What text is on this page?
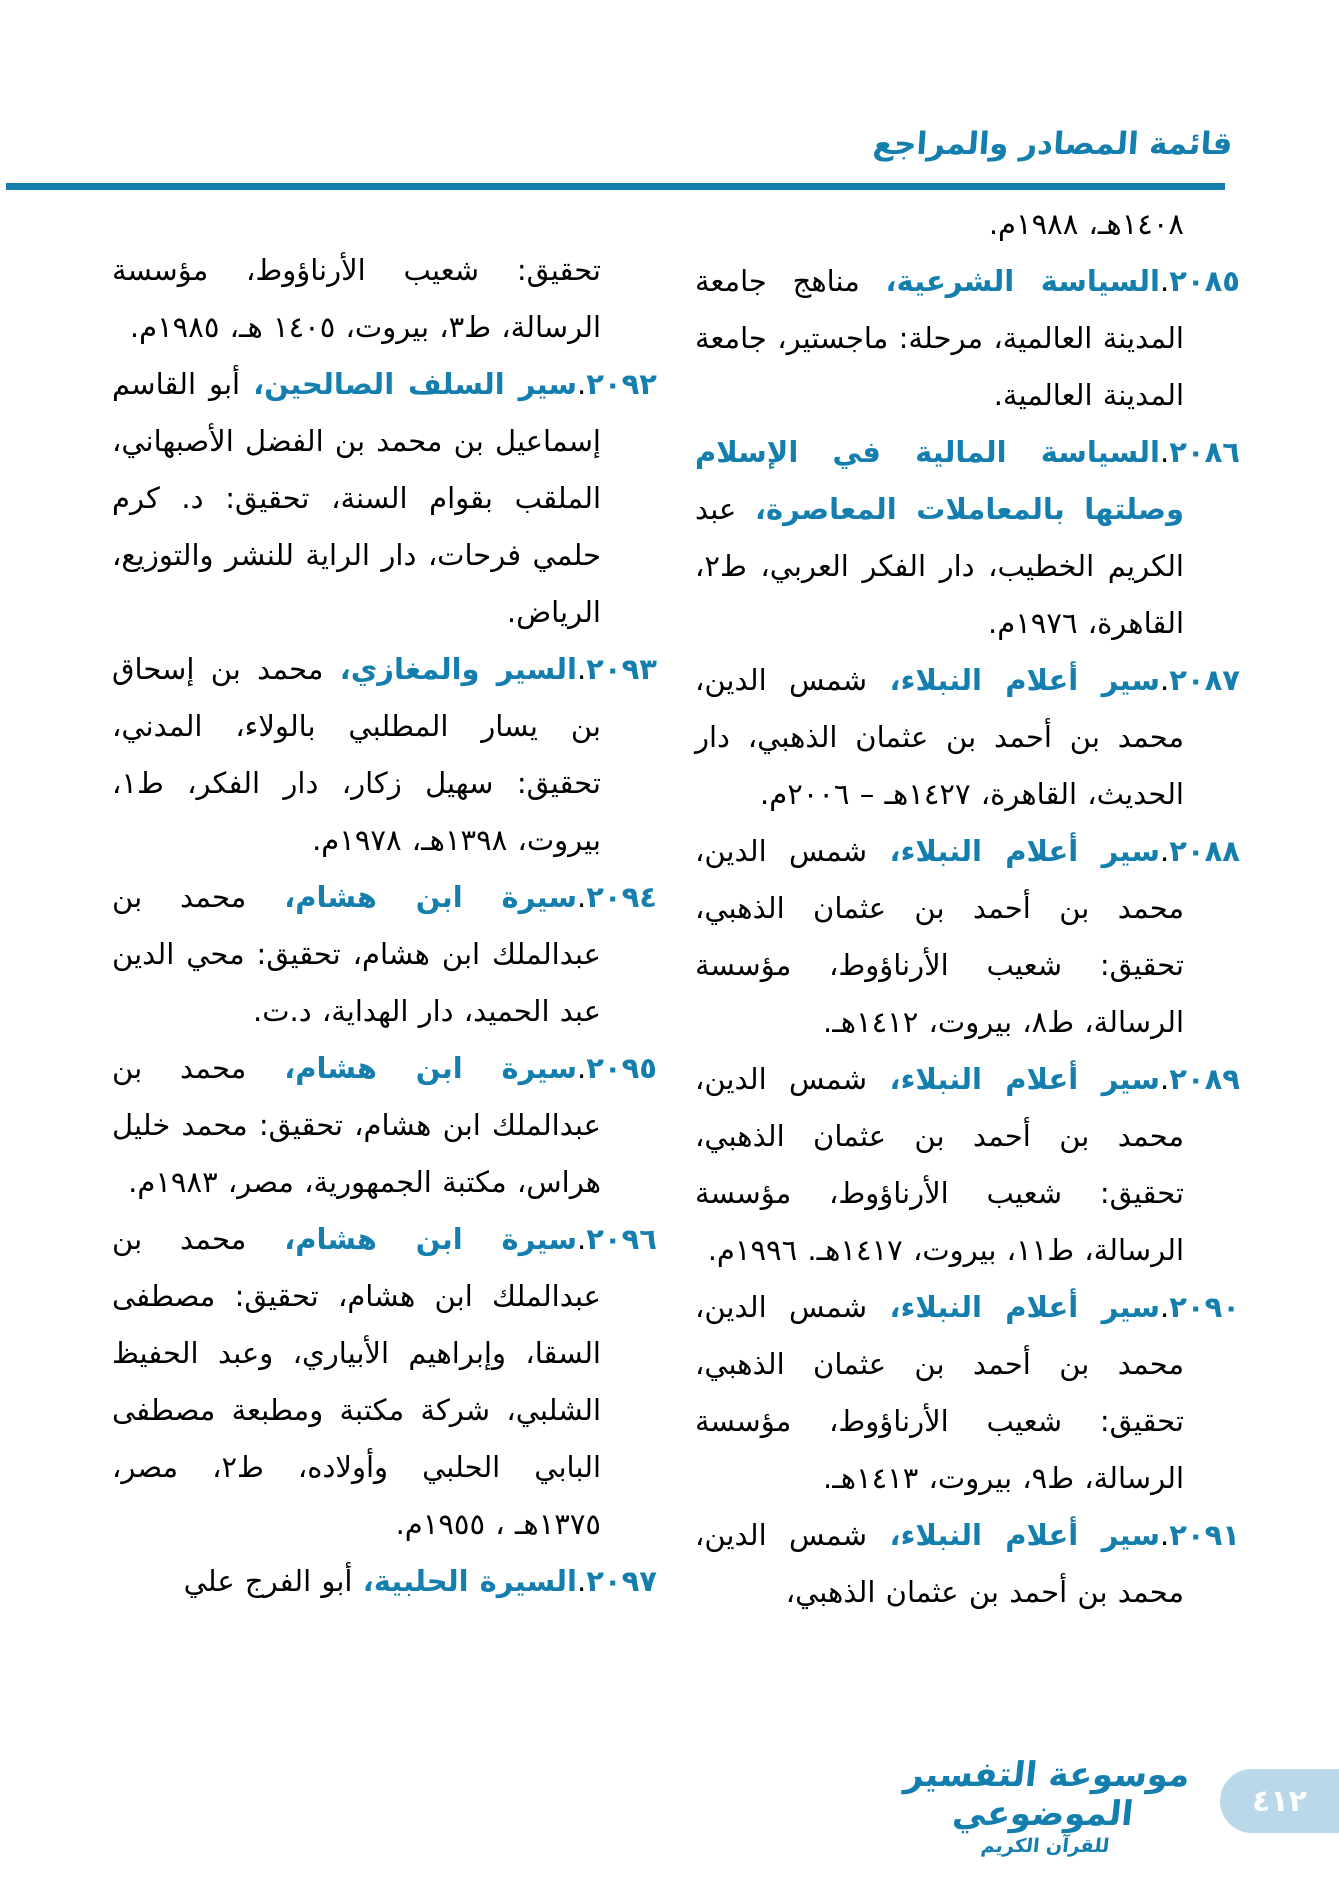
قائمة المصادر والمراجع

١٤٠٨هـ، ١٩٨٨م.

٢٠٨٥.السياسة الشرعية، مناهج جامعة المدينة العالمية، مرحلة: ماجستير، جامعة المدينة العالمية.

٢٠٨٦.السياسة المالية في الإسلام وصلتها بالمعاملات المعاصرة، عبد الكريم الخطيب، دار الفكر العربي، ط٢، القاهرة، ١٩٧٦م.

٢٠٨٧.سير أعلام النبلاء، شمس الدين، محمد بن أحمد بن عثمان الذهبي، دار الحديث، القاهرة، ١٤٢٧هـ – ٢٠٠٦م.

٢٠٨٨.سير أعلام النبلاء، شمس الدين، محمد بن أحمد بن عثمان الذهبي، تحقيق: شعيب الأرناؤوط، مؤسسة الرسالة، ط٨، بيروت، ١٤١٢هـ.

٢٠٨٩.سير أعلام النبلاء، شمس الدين، محمد بن أحمد بن عثمان الذهبي، تحقيق: شعيب الأرناؤوط، مؤسسة الرسالة، ط١١، بيروت، ١٤١٧هـ. ١٩٩٦م.

٢٠٩٠.سير أعلام النبلاء، شمس الدين، محمد بن أحمد بن عثمان الذهبي، تحقيق: شعيب الأرناؤوط، مؤسسة الرسالة، ط٩، بيروت، ١٤١٣هـ.

٢٠٩١.سير أعلام النبلاء، شمس الدين، محمد بن أحمد بن عثمان الذهبي،

تحقيق: شعيب الأرناؤوط، مؤسسة الرسالة، ط٣، بيروت، ١٤٠٥ هـ، ١٩٨٥م.

٢٠٩٢.سير السلف الصالحين، أبو القاسم إسماعيل بن محمد بن الفضل الأصبهاني، الملقب بقوام السنة، تحقيق: د. كرم حلمي فرحات، دار الراية للنشر والتوزيع، الرياض.

٢٠٩٣.السير والمغازي، محمد بن إسحاق بن يسار المطلبي بالولاء، المدني، تحقيق: سهيل زكار، دار الفكر، ط١، بيروت، ١٣٩٨هـ، ١٩٧٨م.

٢٠٩٤.سيرة ابن هشام، محمد بن عبدالملك ابن هشام، تحقيق: محي الدين عبد الحميد، دار الهداية، د.ت.

٢٠٩٥.سيرة ابن هشام، محمد بن عبدالملك ابن هشام، تحقيق: محمد خليل هراس، مكتبة الجمهورية، مصر، ١٩٨٣م.

٢٠٩٦.سيرة ابن هشام، محمد بن عبدالملك ابن هشام، تحقيق: مصطفى السقا، وإبراهيم الأبياري، وعبد الحفيظ الشلبي، شركة مكتبة ومطبعة مصطفى البابي الحلبي وأولاده، ط٢، مصر، ١٣٧٥هـ ، ١٩٥٥م.

٢٠٩٧.السيرة الحلبية، أبو الفرج علي

موسوعة التفسير الموضوعي
للقرآن الكريم
٤١٢
